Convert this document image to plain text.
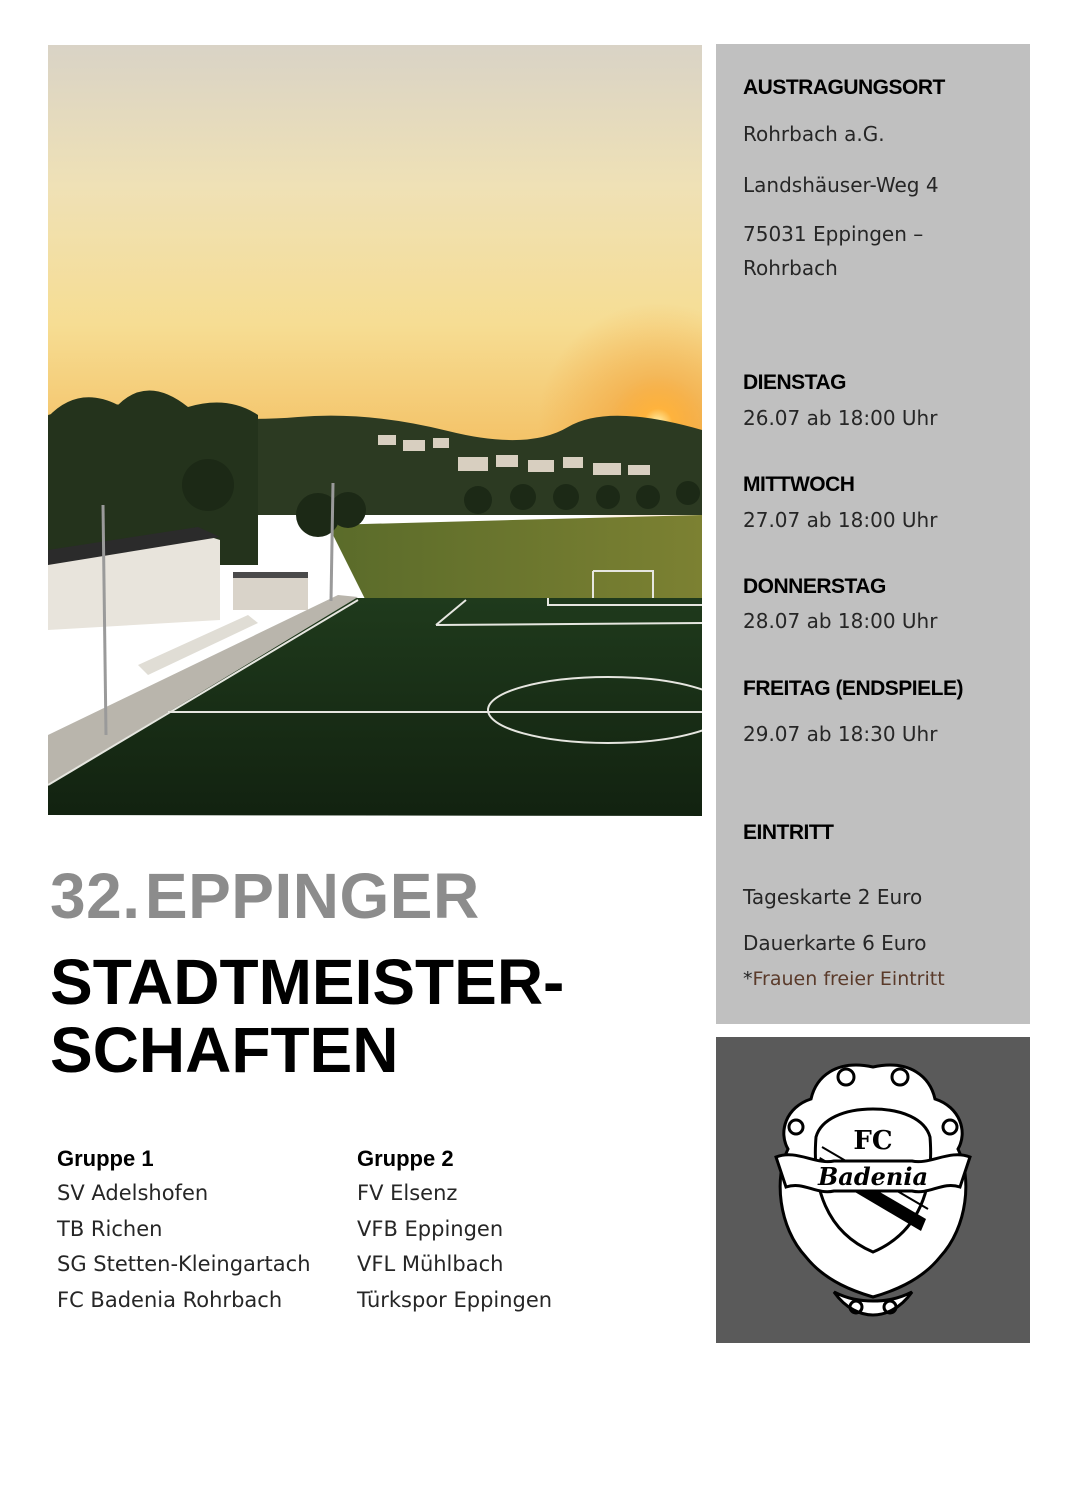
32. EPPINGER
STADTMEISTER-
SCHAFTEN
Gruppe 1
SV Adelshofen
TB Richen
SG Stetten-Kleingartach
FC Badenia Rohrbach
Gruppe 2
FV Elsenz
VFB Eppingen
VFL Mühlbach
Türkspor Eppingen
AUSTRAGUNGSORT
Rohrbach a.G.
Landshäuser-Weg 4
75031 Eppingen – Rohrbach
DIENSTAG
26.07 ab 18:00 Uhr
MITTWOCH
27.07 ab 18:00 Uhr
DONNERSTAG
28.07 ab 18:00 Uhr
FREITAG (ENDSPIELE)
29.07 ab 18:30 Uhr
EINTRITT
Tageskarte 2 Euro
Dauerkarte 6 Euro
*Frauen freier Eintritt
Badenia
FC
